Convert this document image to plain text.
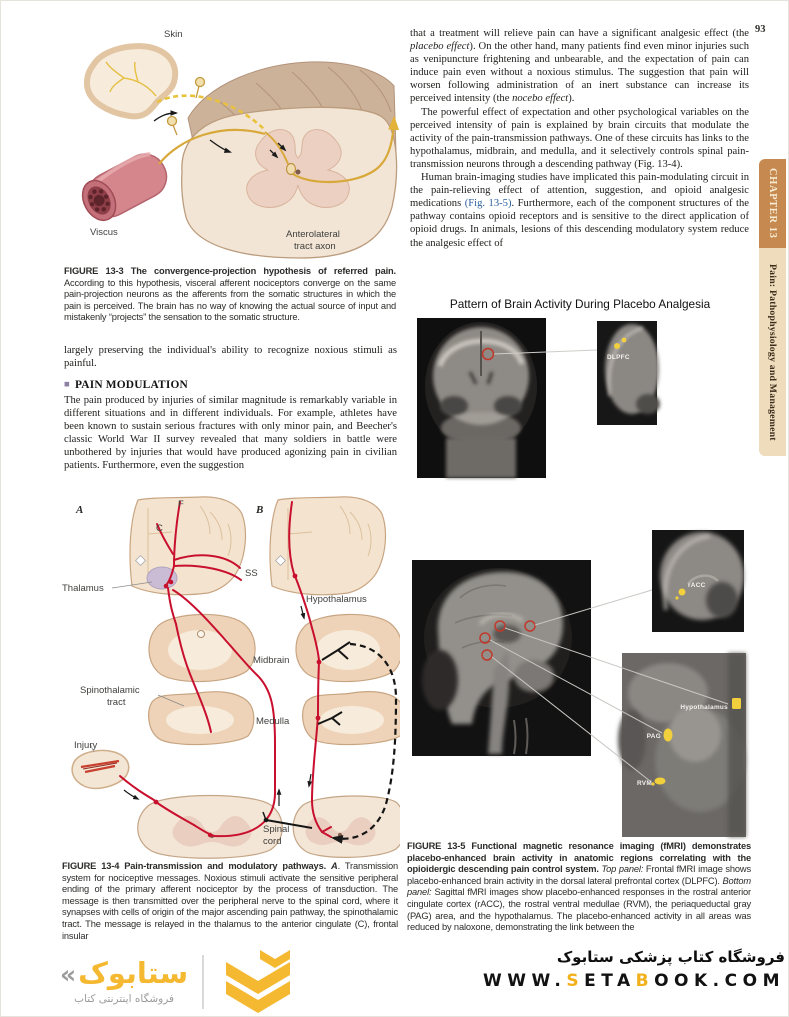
93
CHAPTER 13
Pain: Pathophysiology and Management
Skin
Viscus	Anterolateral
tract axon
FIGURE 13-3 The convergence-projection hypothesis of referred pain. According to this hypothesis, visceral afferent nociceptors converge on the same pain-projection neurons as the afferents from the somatic structures in which the pain is perceived. The brain has no way of knowing the actual source of input and mistakenly “projects” the sensation to the somatic structure.
largely preserving the individual's ability to recognize noxious stimuli as painful.
■ PAIN MODULATION
The pain produced by injuries of similar magnitude is remarkably variable in different situations and in different individuals. For example, athletes have been known to sustain serious fractures with only minor pain, and Beecher's classic World War II survey revealed that many soldiers in battle were unbothered by injuries that would have produced agonizing pain in civilian patients. Furthermore, even the suggestion
A	B
F
C
SS
Thalamus
Hypothalamus
Spinothalamic
tract
Midbrain
Medulla
Injury
Spinal
cord
FIGURE 13-4 Pain-transmission and modulatory pathways. A. Transmission system for nociceptive messages. Noxious stimuli activate the sensitive peripheral ending of the primary afferent nociceptor by the process of transduction. The message is then transmitted over the peripheral nerve to the spinal cord, where it synapses with cells of origin of the major ascending pain pathway, the spinothalamic tract. The message is relayed in the thalamus to the anterior cingulate (C), frontal insular

that a treatment will relieve pain can have a significant analgesic effect (the placebo effect). On the other hand, many patients find even minor injuries such as venipuncture frightening and unbearable, and the expectation of pain can induce pain even without a noxious stimulus. The suggestion that pain will worsen following administration of an inert substance can increase its perceived intensity (the nocebo effect).

The powerful effect of expectation and other psychological variables on the perceived intensity of pain is explained by brain circuits that modulate the activity of the pain-transmission pathways. One of these circuits has links to the hypothalamus, midbrain, and medulla, and it selectively controls spinal pain-transmission neurons through a descending pathway (Fig. 13-4).

Human brain-imaging studies have implicated this pain-modulating circuit in the pain-relieving effect of attention, suggestion, and opioid analgesic medications (Fig. 13-5). Furthermore, each of the component structures of the pathway contains opioid receptors and is sensitive to the direct application of opioid drugs. In animals, lesions of this descending modulatory system reduce the analgesic effect of

Pattern of Brain Activity During Placebo Analgesia
DLPFC
rACC
Hypothalamus
PAG
RVM
FIGURE 13-5 Functional magnetic resonance imaging (fMRI) demonstrates placebo-enhanced brain activity in anatomic regions correlating with the opioidergic descending pain control system. Top panel: Frontal fMRI image shows placebo-enhanced brain activity in the dorsal lateral prefrontal cortex (DLPFC). Bottom panel: Sagittal fMRI images show placebo-enhanced responses in the rostral anterior cingulate cortex (rACC), the rostral ventral medullae (RVM), the periaqueductal gray (PAG) area, and the hypothalamus. The placebo-enhanced activity in all areas was reduced by naloxone, demonstrating the link between the
«ستابوک
فروشگاه اینترنتی کتاب
فروشگاه کتاب پزشکی ستابوک
WWW.SETABOOK.COM
